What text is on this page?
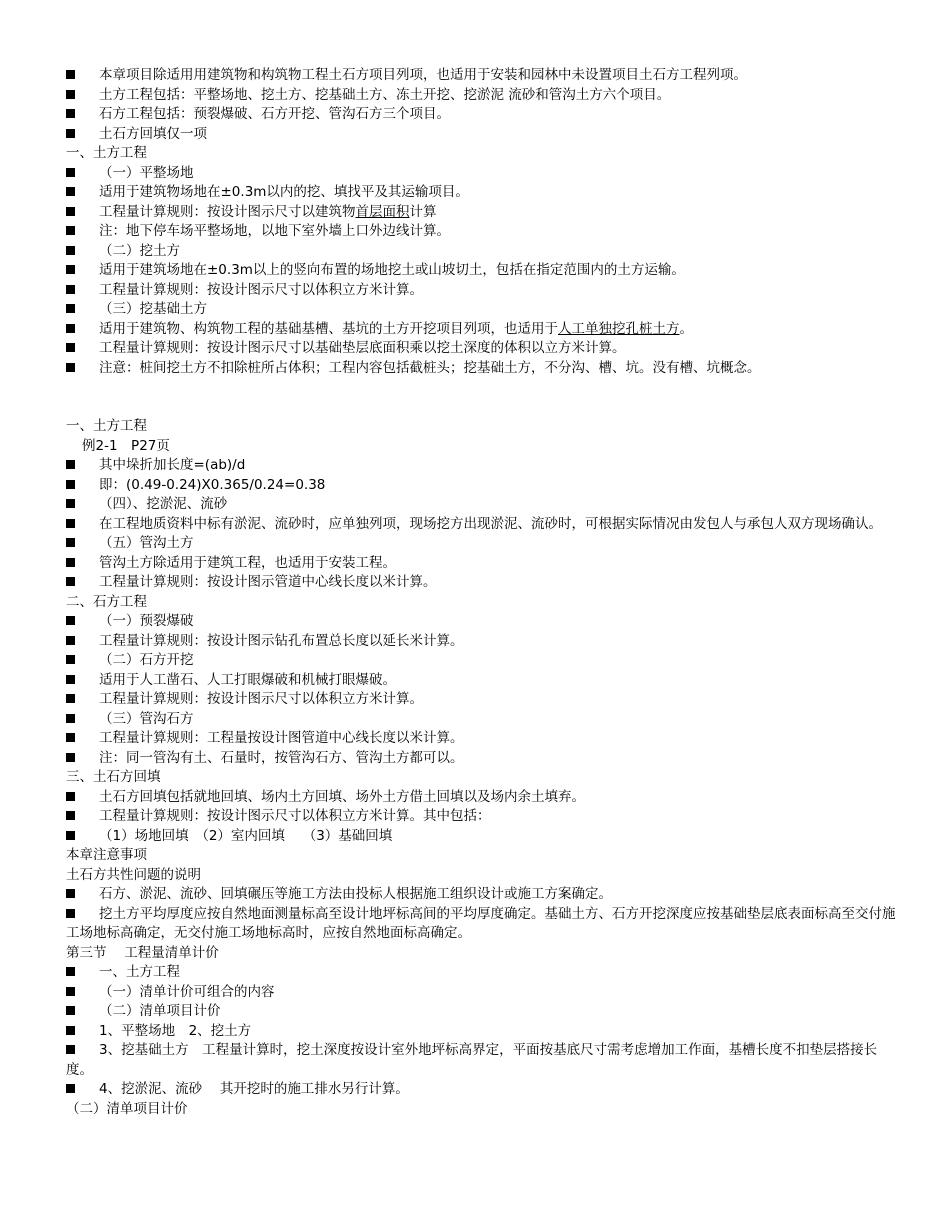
本章项目除适用用建筑物和构筑物工程土石方项目列项，也适用于安装和园林中未设置项目土石方工程列项。
土方工程包括：平整场地、挖土方、挖基础土方、冻土开挖、挖淤泥 流砂和管沟土方六个项目。
石方工程包括：预裂爆破、石方开挖、管沟石方三个项目。
土石方回填仅一项
一、土方工程
（一）平整场地
适用于建筑物场地在±0.3m以内的挖、填找平及其运输项目。
工程量计算规则：按设计图示尺寸以建筑物首层面积计算
注：地下停车场平整场地，以地下室外墙上口外边线计算。
（二）挖土方
适用于建筑场地在±0.3m以上的竖向布置的场地挖土或山坡切土，包括在指定范围内的土方运输。
工程量计算规则：按设计图示尺寸以体积立方米计算。
（三）挖基础土方
适用于建筑物、构筑物工程的基础基槽、基坑的土方开挖项目列项，也适用于人工单独挖孔桩土方。
工程量计算规则：按设计图示尺寸以基础垫层底面积乘以挖土深度的体积以立方米计算。
注意：桩间挖土方不扣除桩所占体积；工程内容包括截桩头；挖基础土方，不分沟、槽、坑。没有槽、坑概念。
一、土方工程
例2-1　P27页
其中垛折加长度=(ab)/d
即：(0.49-0.24)X0.365/0.24=0.38
（四）、挖淤泥、流砂
在工程地质资料中标有淤泥、流砂时，应单独列项，现场挖方出现淤泥、流砂时，可根据实际情况由发包人与承包人双方现场确认。
（五）管沟土方
管沟土方除适用于建筑工程，也适用于安装工程。
工程量计算规则：按设计图示管道中心线长度以米计算。
二、石方工程
（一）预裂爆破
工程量计算规则：按设计图示钻孔布置总长度以延长米计算。
（二）石方开挖
适用于人工凿石、人工打眼爆破和机械打眼爆破。
工程量计算规则：按设计图示尺寸以体积立方米计算。
（三）管沟石方
工程量计算规则：工程量按设计图管道中心线长度以米计算。
注：同一管沟有土、石量时，按管沟石方、管沟土方都可以。
三、土石方回填
土石方回填包括就地回填、场内土方回填、场外土方借土回填以及场内余土填弃。
工程量计算规则：按设计图示尺寸以体积立方米计算。其中包括：
（1）场地回填　（2）室内回填　 （3）基础回填
本章注意事项
土石方共性问题的说明
石方、淤泥、流砂、回填碾压等施工方法由投标人根据施工组织设计或施工方案确定。
挖土方平均厚度应按自然地面测量标高至设计地坪标高间的平均厚度确定。基础土方、石方开挖深度应按基础垫层底表面标高至交付施工场地标高确定，无交付施工场地标高时，应按自然地面标高确定。
第三节　 工程量清单计价
一、土方工程
（一）清单计价可组合的内容
（二）清单项目计价
1、平整场地　2、挖土方
3、挖基础土方　工程量计算时，挖土深度按设计室外地坪标高界定，平面按基底尺寸需考虑增加工作面，基槽长度不扣垫层搭接长度。
4、挖淤泥、流砂　 其开挖时的施工排水另行计算。
（二）清单项目计价
